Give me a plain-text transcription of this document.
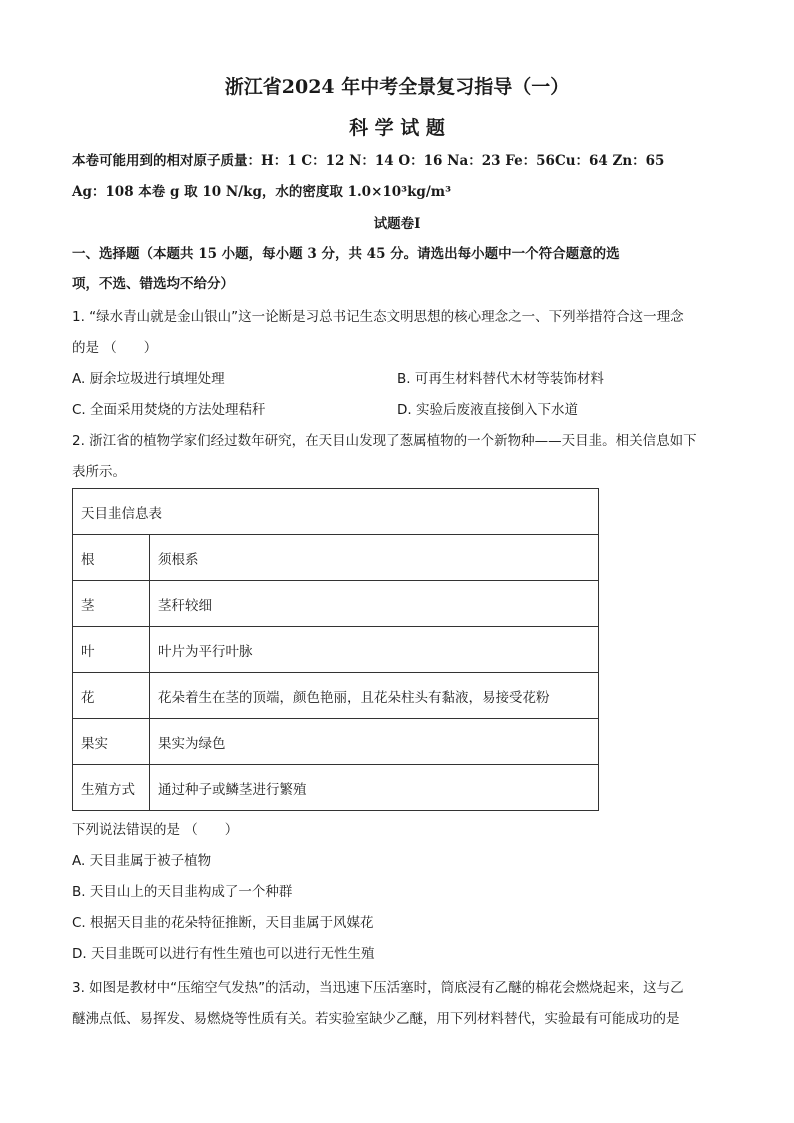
浙江省2024 年中考全景复习指导（一）
科 学 试 题
本卷可能用到的相对原子质量：H：1 C：12 N：14 O：16 Na：23 Fe：56Cu：64 Zn：65
Ag：108 本卷 g 取 10 N/kg，水的密度取 1.0×10³kg/m³
试题卷Ⅰ
一、选择题（本题共 15 小题，每小题 3 分，共 45 分。请选出每小题中一个符合题意的选
项，不选、错选均不给分）
1. “绿水青山就是金山银山”这一论断是习总书记生态文明思想的核心理念之一、下列举措符合这一理念
的是 （　　）
A. 厨余垃圾进行填埋处理	B. 可再生材料替代木材等装饰材料
C. 全面采用焚烧的方法处理秸秆	D. 实验后废液直接倒入下水道
2. 浙江省的植物学家们经过数年研究，在天目山发现了葱属植物的一个新物种——天目韭。相关信息如下
表所示。
天目韭信息表	
根	须根系
茎	茎秆较细
叶	叶片为平行叶脉
花	花朵着生在茎的顶端，颜色艳丽，且花朵柱头有黏液，易接受花粉
果实	果实为绿色
生殖方式	通过种子或鳞茎进行繁殖
下列说法错误的是 （　　）
A. 天目韭属于被子植物
B. 天目山上的天目韭构成了一个种群
C. 根据天目韭的花朵特征推断，天目韭属于风媒花
D. 天目韭既可以进行有性生殖也可以进行无性生殖
3. 如图是教材中“压缩空气发热”的活动，当迅速下压活塞时，筒底浸有乙醚的棉花会燃烧起来，这与乙
醚沸点低、易挥发、易燃烧等性质有关。若实验室缺少乙醚，用下列材料替代，实验最有可能成功的是
